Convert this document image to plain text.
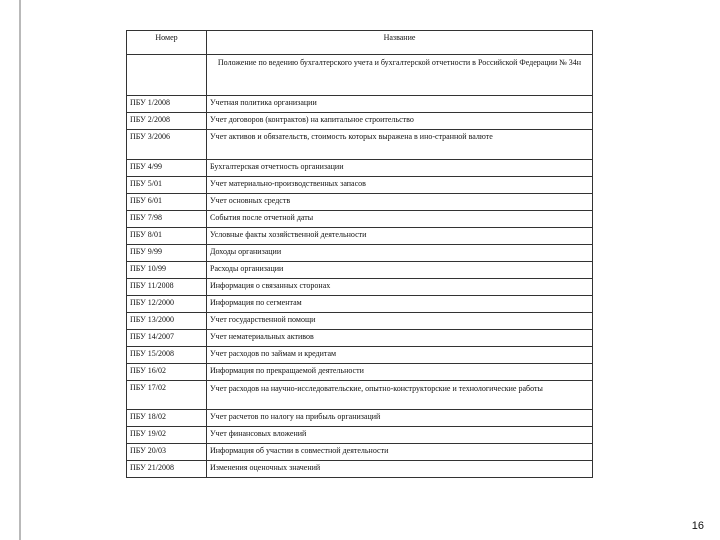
Номер	Название
	Положение по ведению бухгалтерского учета и бухгалтерской отчетности в Российской Федерации № 34н
ПБУ 1/2008	Учетная политика организации
ПБУ 2/2008	Учет договоров (контрактов) на капитальное строительство
ПБУ 3/2006	Учет активов и обязательств, стоимость которых выражена в ино-странной валюте
ПБУ 4/99	Бухгалтерская отчетность организации
ПБУ 5/01	Учет материально-производственных запасов
ПБУ 6/01	Учет основных средств
ПБУ 7/98	События после отчетной даты
ПБУ 8/01	Условные факты хозяйственной деятельности
ПБУ 9/99	Доходы организации
ПБУ 10/99	Расходы организации
ПБУ 11/2008	Информация о связанных сторонах
ПБУ 12/2000	Информация по сегментам
ПБУ 13/2000	Учет государственной помощи
ПБУ 14/2007	Учет нематериальных активов
ПБУ 15/2008	Учет расходов по займам и кредитам
ПБУ 16/02	Информация по прекращаемой деятельности
ПБУ 17/02	Учет расходов на научно-исследовательские, опытно-конструкторские и технологические работы
ПБУ 18/02	Учет расчетов по налогу на прибыль организаций
ПБУ 19/02	Учет финансовых вложений
ПБУ 20/03	Информация об участии в совместной деятельности
ПБУ 21/2008	Изменения оценочных значений
16
